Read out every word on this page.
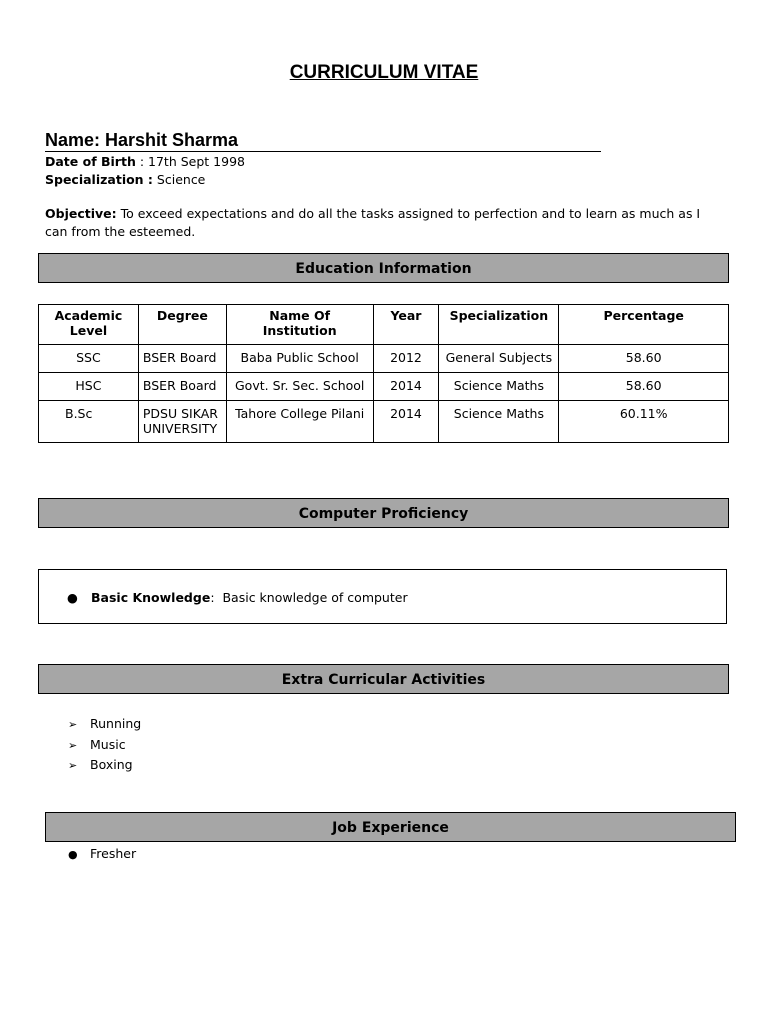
CURRICULUM VITAE
Name: Harshit Sharma
Date of Birth : 17th Sept 1998
Specialization : Science
Objective: To exceed expectations and do all the tasks assigned to perfection and to learn as much as I can from the esteemed.
Education Information
Academic Level	Degree	Name Of Institution	Year	Specialization	Percentage
SSC	BSER Board	Baba Public School	2012	General Subjects	58.60
HSC	BSER Board	Govt. Sr. Sec. School	2014	Science Maths	58.60
B.Sc	PDSU SIKAR UNIVERSITY	Tahore College Pilani	2014	Science Maths	60.11%
Computer Proficiency
● Basic Knowledge:  Basic knowledge of computer
Extra Curricular Activities
➢ Running
➢ Music
➢ Boxing
Job Experience
● Fresher
